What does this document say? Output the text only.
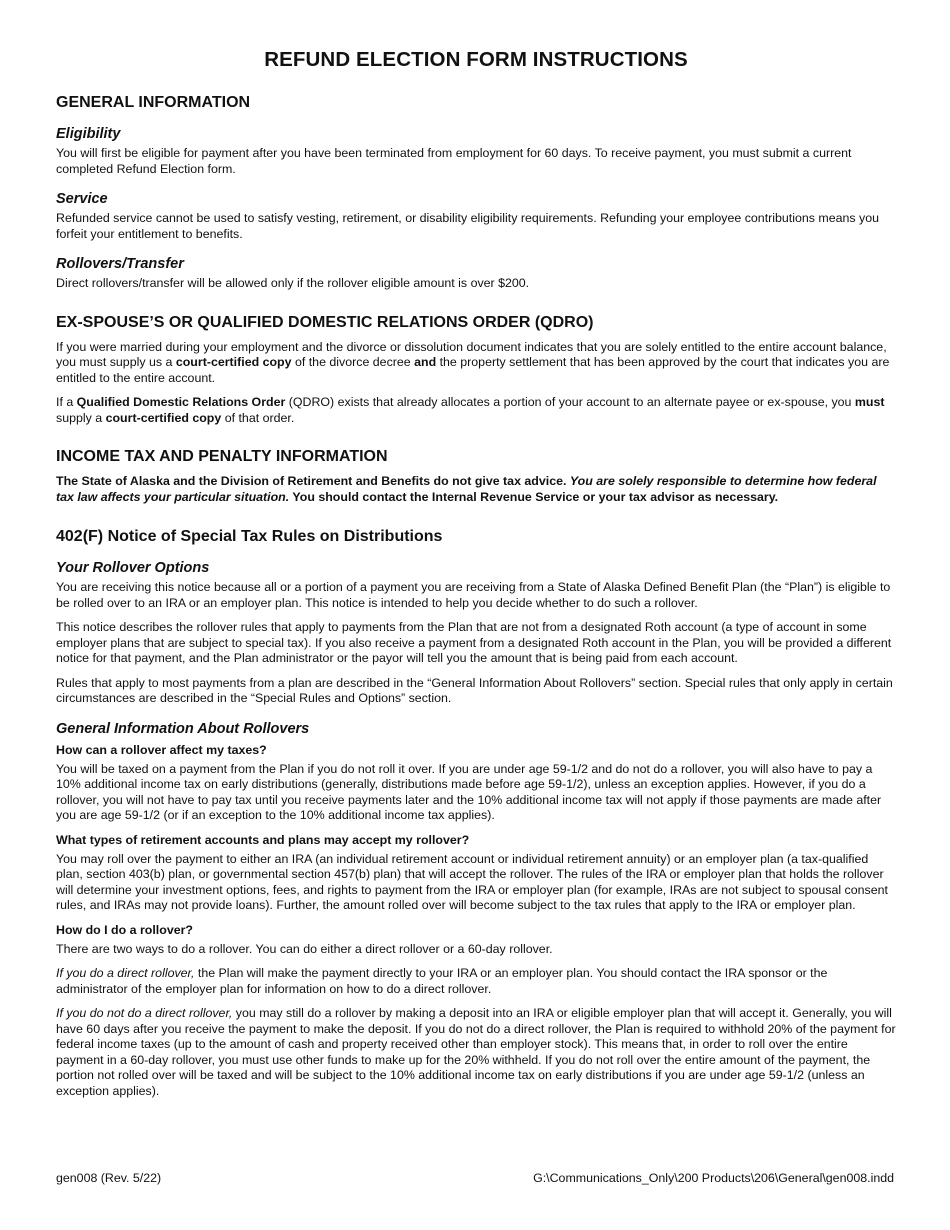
REFUND ELECTION FORM INSTRUCTIONS
GENERAL INFORMATION
Eligibility

You will first be eligible for payment after you have been terminated from employment for 60 days. To receive payment, you must submit a current completed Refund Election form.

Service

Refunded service cannot be used to satisfy vesting, retirement, or disability eligibility requirements. Refunding your employee contributions means you forfeit your entitlement to benefits.

Rollovers/Transfer

Direct rollovers/transfer will be allowed only if the rollover eligible amount is over $200.

EX-SPOUSE’S OR QUALIFIED DOMESTIC RELATIONS ORDER (QDRO)

If you were married during your employment and the divorce or dissolution document indicates that you are solely entitled to the entire account balance, you must supply us a court-certified copy of the divorce decree and the property settlement that has been approved by the court that indicates you are entitled to the entire account.

If a Qualified Domestic Relations Order (QDRO) exists that already allocates a portion of your account to an alternate payee or ex-spouse, you must supply a court-certified copy of that order.

INCOME TAX AND PENALTY INFORMATION

The State of Alaska and the Division of Retirement and Benefits do not give tax advice. You are solely responsible to determine how federal tax law affects your particular situation. You should contact the Internal Revenue Service or your tax advisor as necessary.

402(F) Notice of Special Tax Rules on Distributions
Your Rollover Options

You are receiving this notice because all or a portion of a payment you are receiving from a State of Alaska Defined Benefit Plan (the “Plan”) is eligible to be rolled over to an IRA or an employer plan. This notice is intended to help you decide whether to do such a rollover.

This notice describes the rollover rules that apply to payments from the Plan that are not from a designated Roth account (a type of account in some employer plans that are subject to special tax). If you also receive a payment from a designated Roth account in the Plan, you will be provided a different notice for that payment, and the Plan administrator or the payor will tell you the amount that is being paid from each account.

Rules that apply to most payments from a plan are described in the “General Information About Rollovers” section. Special rules that only apply in certain circumstances are described in the “Special Rules and Options” section.

General Information About Rollovers
How can a rollover affect my taxes?

You will be taxed on a payment from the Plan if you do not roll it over. If you are under age 59-1/2 and do not do a rollover, you will also have to pay a 10% additional income tax on early distributions (generally, distributions made before age 59-1/2), unless an exception applies. However, if you do a rollover, you will not have to pay tax until you receive payments later and the 10% additional income tax will not apply if those payments are made after you are age 59-1/2 (or if an exception to the 10% additional income tax applies).

What types of retirement accounts and plans may accept my rollover?

You may roll over the payment to either an IRA (an individual retirement account or individual retirement annuity) or an employer plan (a tax-qualified plan, section 403(b) plan, or governmental section 457(b) plan) that will accept the rollover. The rules of the IRA or employer plan that holds the rollover will determine your investment options, fees, and rights to payment from the IRA or employer plan (for example, IRAs are not subject to spousal consent rules, and IRAs may not provide loans). Further, the amount rolled over will become subject to the tax rules that apply to the IRA or employer plan.

How do I do a rollover?

There are two ways to do a rollover. You can do either a direct rollover or a 60-day rollover.

If you do a direct rollover, the Plan will make the payment directly to your IRA or an employer plan. You should contact the IRA sponsor or the administrator of the employer plan for information on how to do a direct rollover.

If you do not do a direct rollover, you may still do a rollover by making a deposit into an IRA or eligible employer plan that will accept it. Generally, you will have 60 days after you receive the payment to make the deposit. If you do not do a direct rollover, the Plan is required to withhold 20% of the payment for federal income taxes (up to the amount of cash and property received other than employer stock). This means that, in order to roll over the entire payment in a 60-day rollover, you must use other funds to make up for the 20% withheld. If you do not roll over the entire amount of the payment, the portion not rolled over will be taxed and will be subject to the 10% additional income tax on early distributions if you are under age 59-1/2 (unless an exception applies).

gen008 (Rev. 5/22)	G:\Communications_Only\200 Products\206\General\gen008.indd
